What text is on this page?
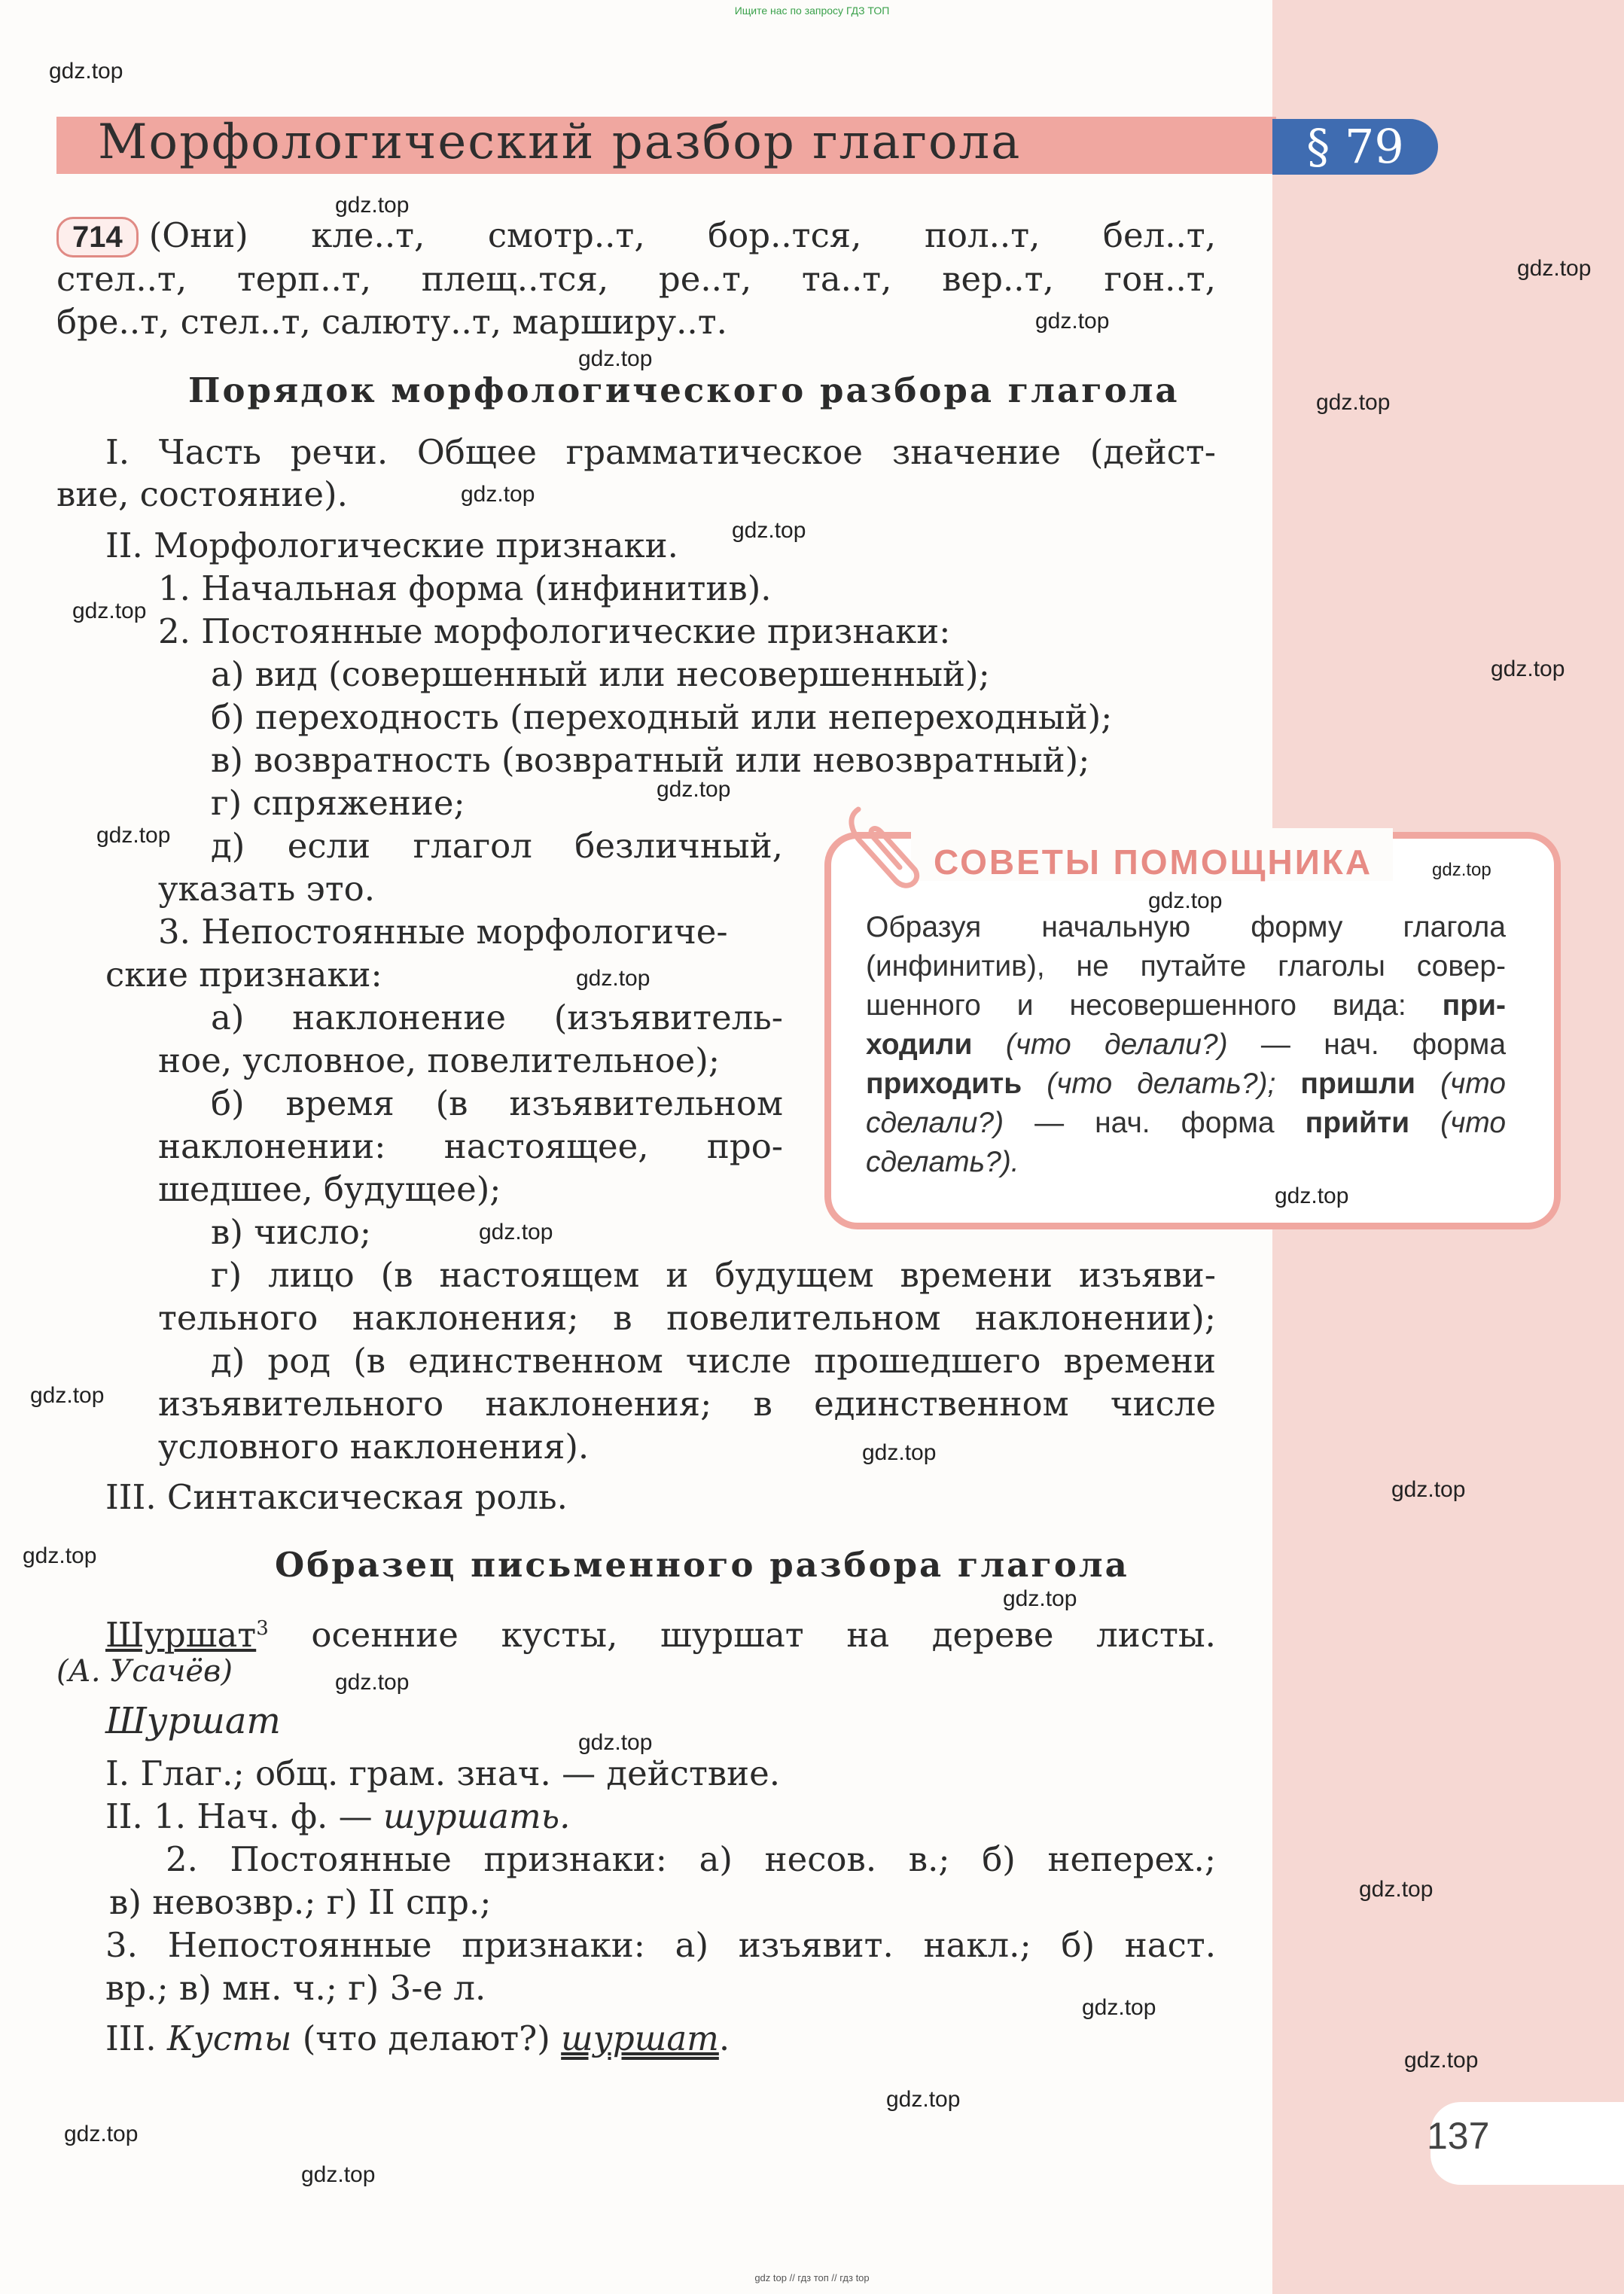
Ищите нас по запросу ГДЗ ТОП
Морфологический разбор глагола	§ 79
714 (Они) кле..т, смотр..т, бор..тся, пол..т, бел..т,
стел..т, терп..т, плещ..тся, ре..т, та..т, вер..т, гон..т,
бре..т, стел..т, салюту..т, марширу..т.
Порядок морфологического разбора глагола
I. Часть речи. Общее грамматическое значение (дейст-
вие, состояние).
II. Морфологические признаки.
1. Начальная форма (инфинитив).
2. Постоянные морфологические признаки:
а) вид (совершенный или несовершенный);
б) переходность (переходный или непереходный);
в) возвратность (возвратный или невозвратный);
г) спряжение;
д) если глагол безличный,
указать это.
3. Непостоянные морфологиче-
ские признаки:
а) наклонение (изъявитель-
ное, условное, повелительное);
б) время (в изъявительном
наклонении: настоящее, про-
шедшее, будущее);
в) число;
г) лицо (в настоящем и будущем времени изъяви-
тельного наклонения; в повелительном наклонении);
д) род (в единственном числе прошедшего времени
изъявительного наклонения; в единственном числе
условного наклонения).
III. Синтаксическая роль.
СОВЕТЫ ПОМОЩНИКА
Образуя начальную форму глагола
(инфинитив), не путайте глаголы совер-
шенного и несовершенного вида: при-
ходили (что делали?) — нач. форма
приходить (что делать?); пришли (что
сделали?) — нач. форма прийти (что
сделать?).
Образец письменного разбора глагола
Шуршат$^3$ осенние кусты, шуршат на дереве листы.
(А. Усачёв)
Шуршат
I. Глаг.; общ. грам. знач. — действие.
II. 1. Нач. ф. — шуршать.
2. Постоянные признаки: а) несов. в.; б) неперех.;
в) невозвр.; г) II спр.;
3. Непостоянные признаки: а) изъявит. накл.; б) наст.
вр.; в) мн. ч.; г) 3-е л.
III. Кусты (что делают?) шуршат.
137
gdz.top
gdz.top
gdz.top
gdz.top
gdz.top
gdz.top
gdz.top
gdz.top
gdz.top
gdz.top
gdz.top
gdz.top
gdz.top
gdz.top
gdz.top
gdz.top
gdz.top
gdz.top
gdz.top
gdz.top
gdz.top
gdz.top
gdz.top
gdz.top
gdz.top
gdz.top
gdz.top
gdz.top
gdz.top
gdz.top
gdz top // гдз топ // гдз top
